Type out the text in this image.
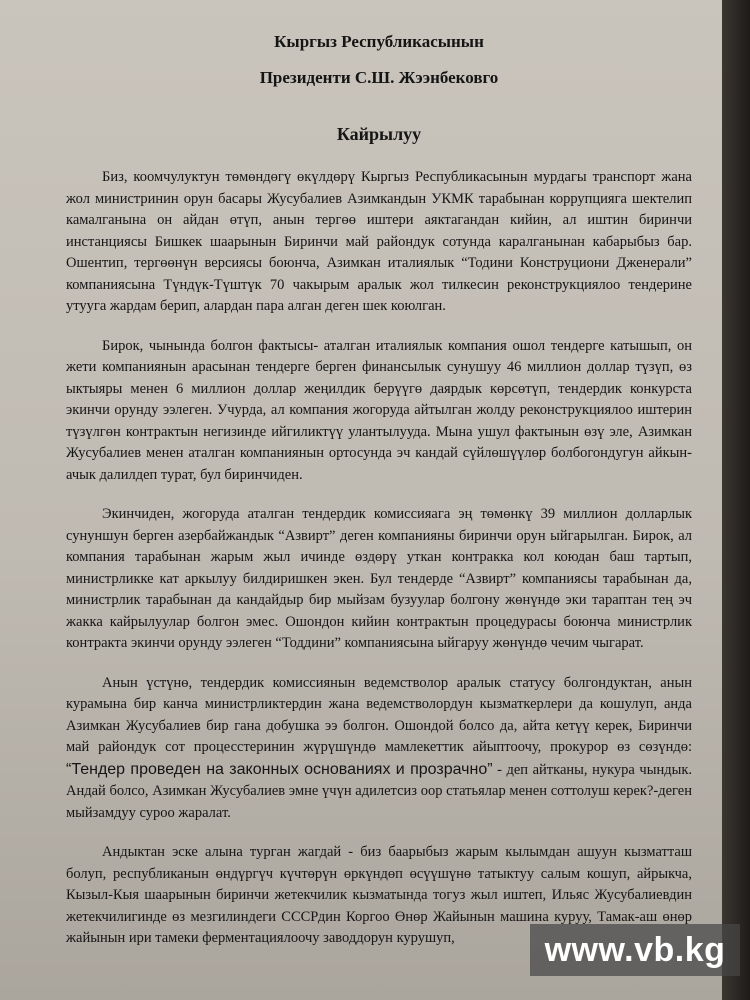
Кыргыз Республикасынын

Президенти С.Ш. Жээнбековго

Кайрылуу

Биз, коомчулуктун төмөндөгү өкүлдөрү Кыргыз Республикасынын мурдагы транспорт жана жол министринин орун басары Жусубалиев Азимкандын УКМК тарабынан коррупцияга шектелип камалганына он айдан өтүп, анын тергөө иштери аяктагандан кийин, ал иштин биринчи инстанциясы Бишкек шаарынын Биринчи май райондук сотунда каралганынан кабарыбыз бар. Ошентип, тергөөнүн версиясы боюнча, Азимкан италиялык “Тодини Конструциони Дженерали” компаниясына Түндүк-Түштүк 70 чакырым аралык жол тилкесин реконструкциялоо тендерине утууга жардам берип, алардан пара алган деген шек коюлган.

Бирок, чынында болгон фактысы- аталган италиялык компания ошол тендерге катышып, он жети компаниянын арасынан тендерге берген финансылык сунушуу 46 миллион доллар түзүп, өз ыктыяры менен 6 миллион доллар жеңилдик берүүгө даярдык көрсөтүп, тендердик конкурста экинчи орунду ээлеген. Учурда, ал компания жогоруда айтылган жолду реконструкциялоо иштерин түзүлгөн контрактын негизинде ийгиликтүү улантылууда. Мына ушул фактынын өзү эле, Азимкан Жусубалиев менен аталган компаниянын ортосунда эч кандай сүйлөшүүлөр болбогондугун айкын-ачык далилдеп турат, бул биринчиден.

Экинчиден, жогоруда аталган тендердик комиссияага эң төмөнкү 39 миллион долларлык сунуншун берген азербайжандык “Азвирт” деген компанияны биринчи орун ыйгарылган. Бирок, ал компания тарабынан жарым жыл ичинде өздөрү уткан контракка кол коюдан баш тартып, министрликке кат аркылуу билдиришкен экен. Бул тендерде “Азвирт” компаниясы тарабынан да, министрлик тарабынан да кандайдыр бир мыйзам бузуулар болгону жөнүндө эки тараптан тең эч жакка кайрылуулар болгон эмес. Ошондон кийин контрактын процедурасы боюнча министрлик контракта экинчи орунду ээлеген “Тоддини” компаниясына ыйгаруу жөнүндө чечим чыгарат.

Анын үстүнө, тендердик комиссиянын ведемстволор аралык статусу болгондуктан, анын курамына бир канча министрликтердин жана ведемстволордун кызматкерлери да кошулуп, анда Азимкан Жусубалиев бир гана добушка ээ болгон. Ошондой болсо да, айта кетүү керек, Биринчи май райондук сот процесстеринин жүрүшүндө мамлекеттик айыптоочу, прокурор өз сөзүндө: “Тендер проведен на законных основаниях и прозрачно” - деп айтканы, нукура чындык. Андай болсо, Азимкан Жусубалиев эмне үчүн адилетсиз оор статьялар менен соттолуш керек?-деген мыйзамдуу суроо жаралат.

Андыктан эске алына турган жагдай - биз баарыбыз жарым кылымдан ашуун кызматташ болуп, республиканын өндүргүч күчтөрүн өркүндөп өсүүшүнө татыктуу салым кошуп, айрыкча, Кызыл-Кыя шаарынын биринчи жетекчилик кызматында тогуз жыл иштеп, Ильяс Жусубалиевдин жетекчилигинде өз мезгилиндеги СССРдин Коргоо Өнөр Жайынын машина куруу, Тамак-аш өнөр жайынын ири тамеки ферментациялоочу заводдорун курушуп,	www.vb.kg
